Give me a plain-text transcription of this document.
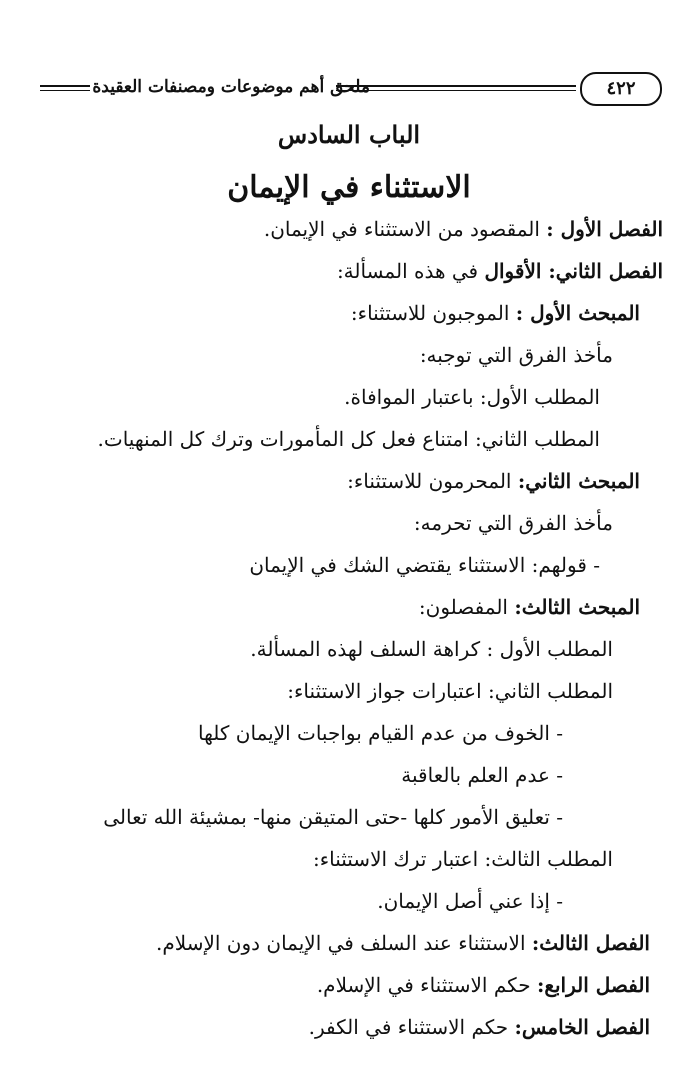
ملحق أهم موضوعات ومصنفات العقيدة	٤٢٢
الباب السادس
الاستثناء في الإيمان
الفصل الأول : المقصود من الاستثناء في الإيمان.
الفصل الثاني: الأقوال في هذه المسألة:
المبحث الأول : الموجبون للاستثناء:
مأخذ الفرق التي توجبه:
المطلب الأول: باعتبار الموافاة.
المطلب الثاني: امتناع فعل كل المأمورات وترك كل المنهيات.
المبحث الثاني: المحرمون للاستثناء:
مأخذ الفرق التي تحرمه:
- قولهم: الاستثناء يقتضي الشك في الإيمان
المبحث الثالث: المفصلون:
المطلب الأول : كراهة السلف لهذه المسألة.
المطلب الثاني: اعتبارات جواز الاستثناء:
- الخوف من عدم القيام بواجبات الإيمان كلها
- عدم العلم بالعاقبة
- تعليق الأمور كلها -حتى المتيقن منها- بمشيئة الله تعالى
المطلب الثالث: اعتبار ترك الاستثناء:
- إذا عني أصل الإيمان.
الفصل الثالث: الاستثناء عند السلف في الإيمان دون الإسلام.
الفصل الرابع: حكم الاستثناء في الإسلام.
الفصل الخامس: حكم الاستثناء في الكفر.
